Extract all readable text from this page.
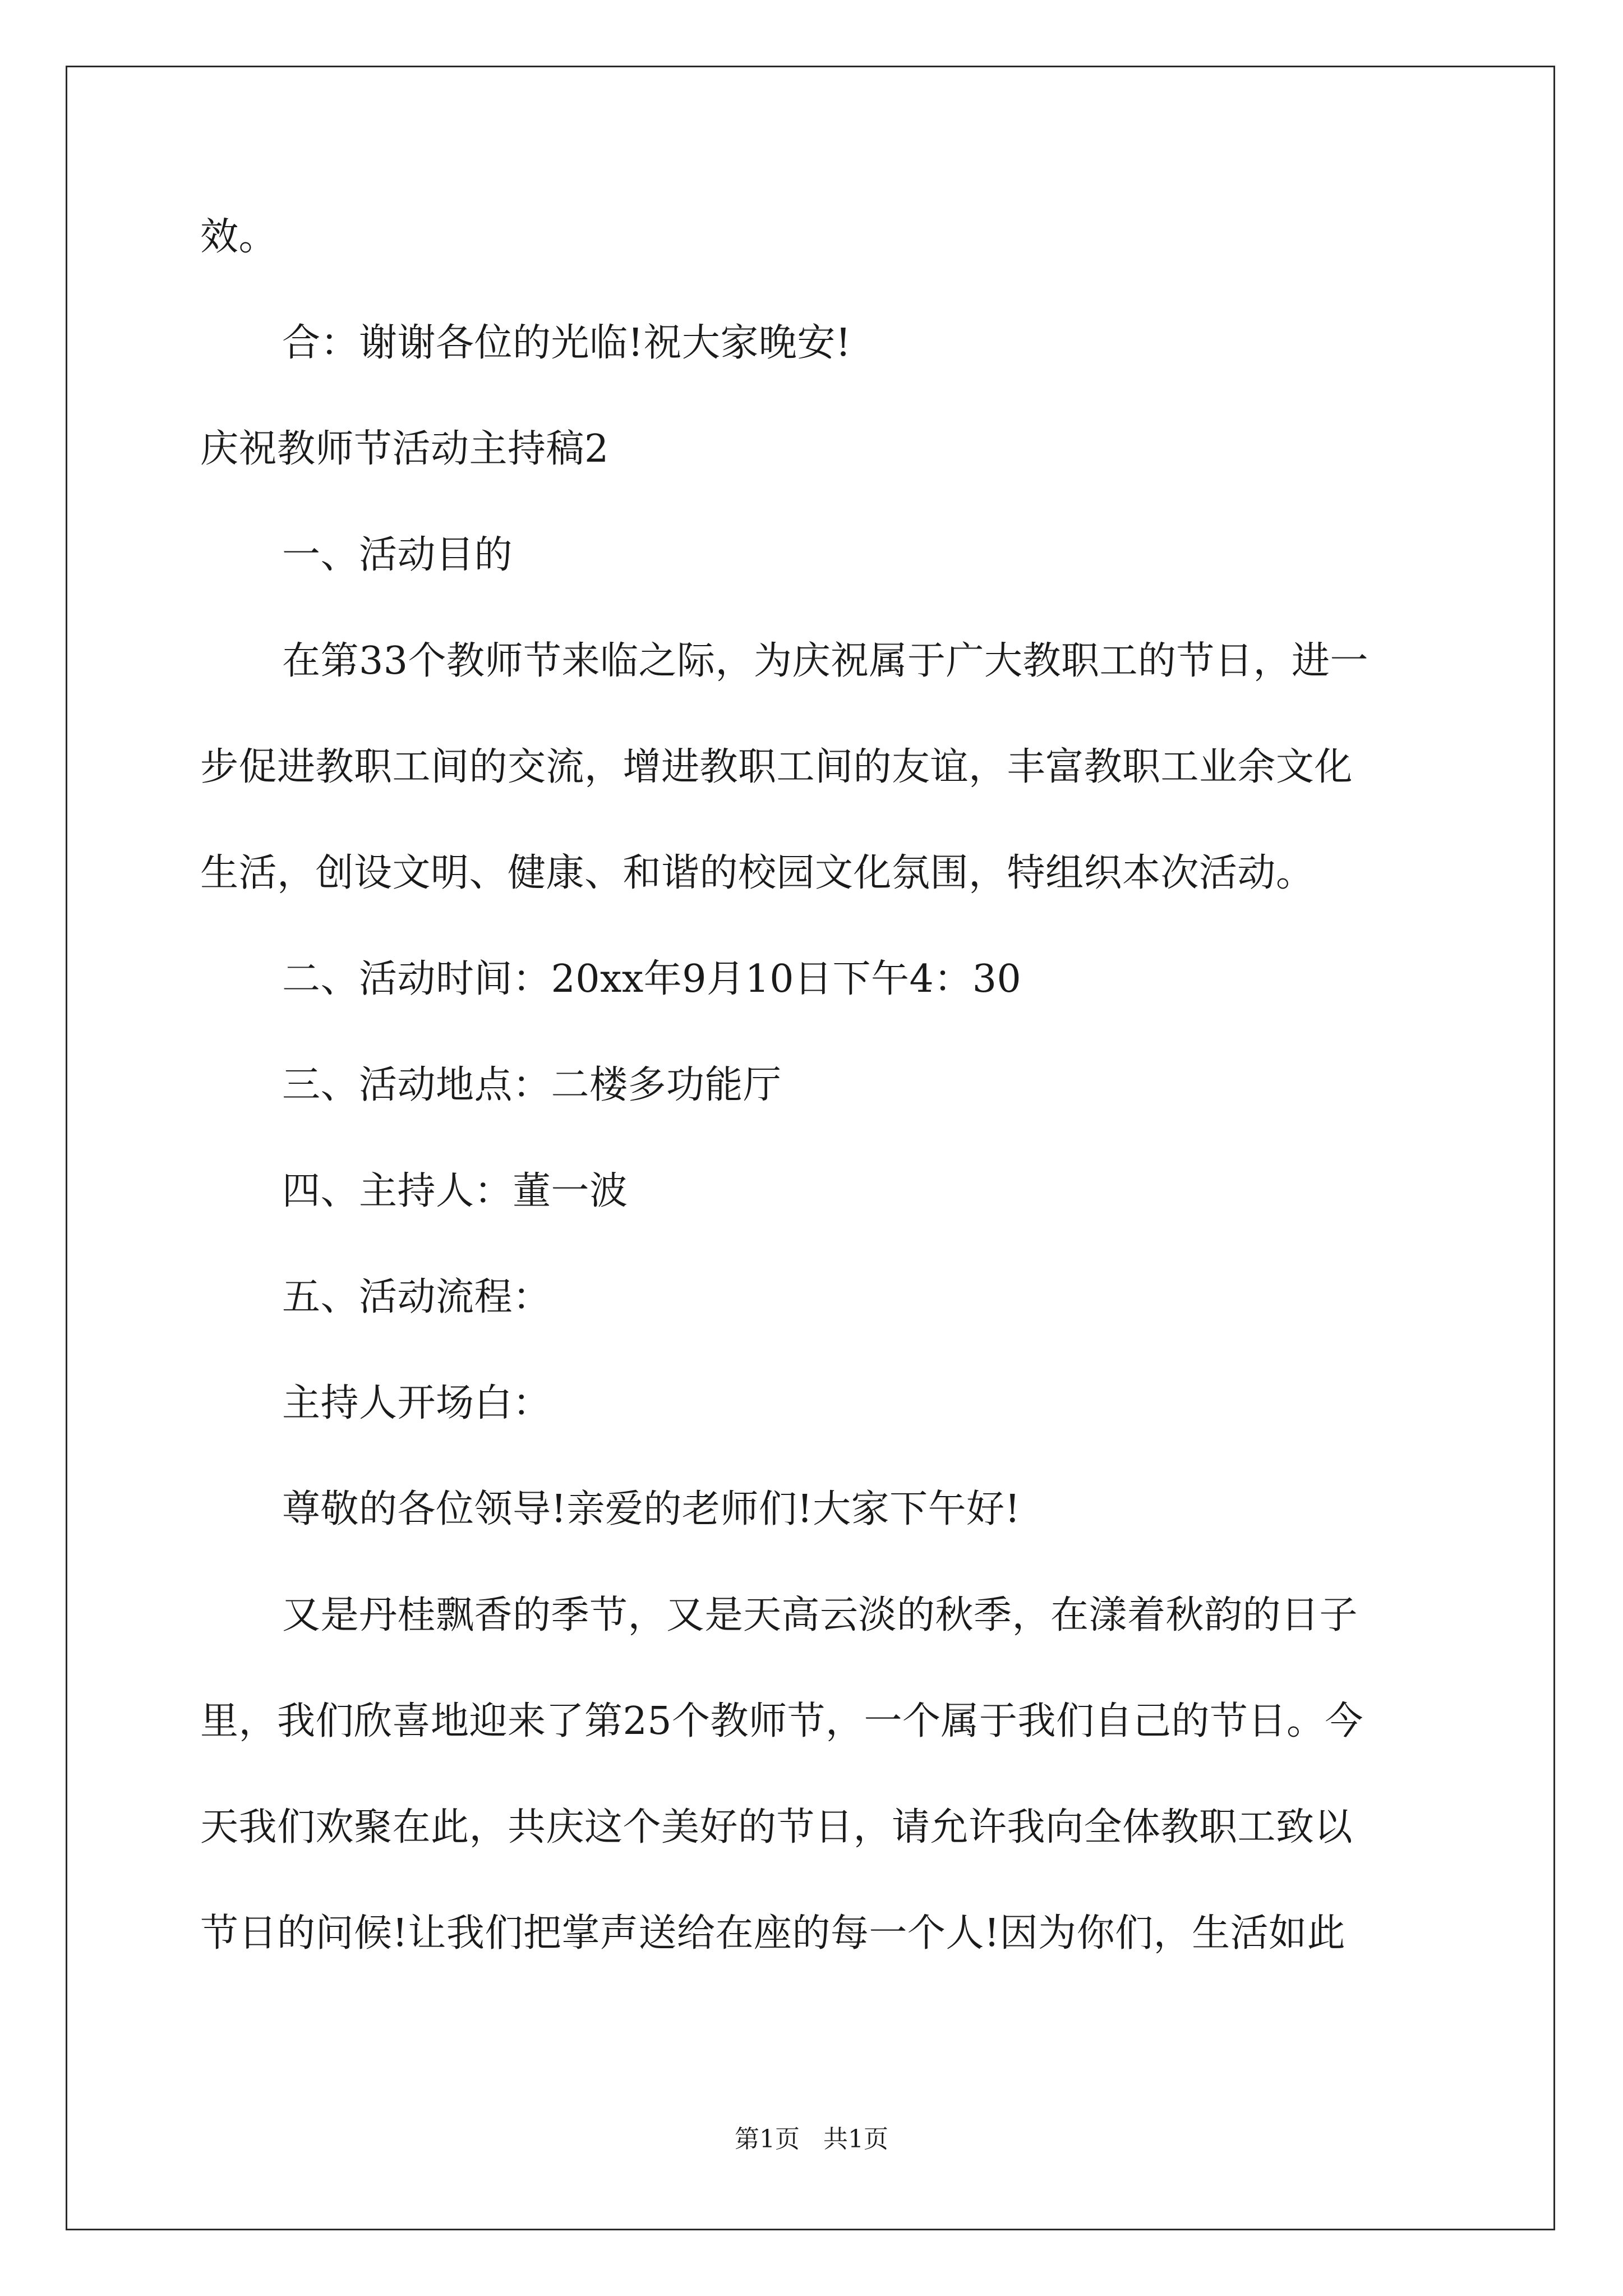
效。
合：谢谢各位的光临!祝大家晚安!
庆祝教师节活动主持稿2
一、活动目的
在第33个教师节来临之际，为庆祝属于广大教职工的节日，进一
步促进教职工间的交流，增进教职工间的友谊，丰富教职工业余文化
生活，创设文明、健康、和谐的校园文化氛围，特组织本次活动。
二、活动时间：20xx年9月10日下午4：30
三、活动地点：二楼多功能厅
四、主持人：董一波
五、活动流程：
主持人开场白：
尊敬的各位领导!亲爱的老师们!大家下午好!
又是丹桂飘香的季节，又是天高云淡的秋季，在漾着秋韵的日子
里，我们欣喜地迎来了第25个教师节，一个属于我们自己的节日。今
天我们欢聚在此，共庆这个美好的节日，请允许我向全体教职工致以
节日的问候!让我们把掌声送给在座的每一个人!因为你们，生活如此
第1页   共1页
